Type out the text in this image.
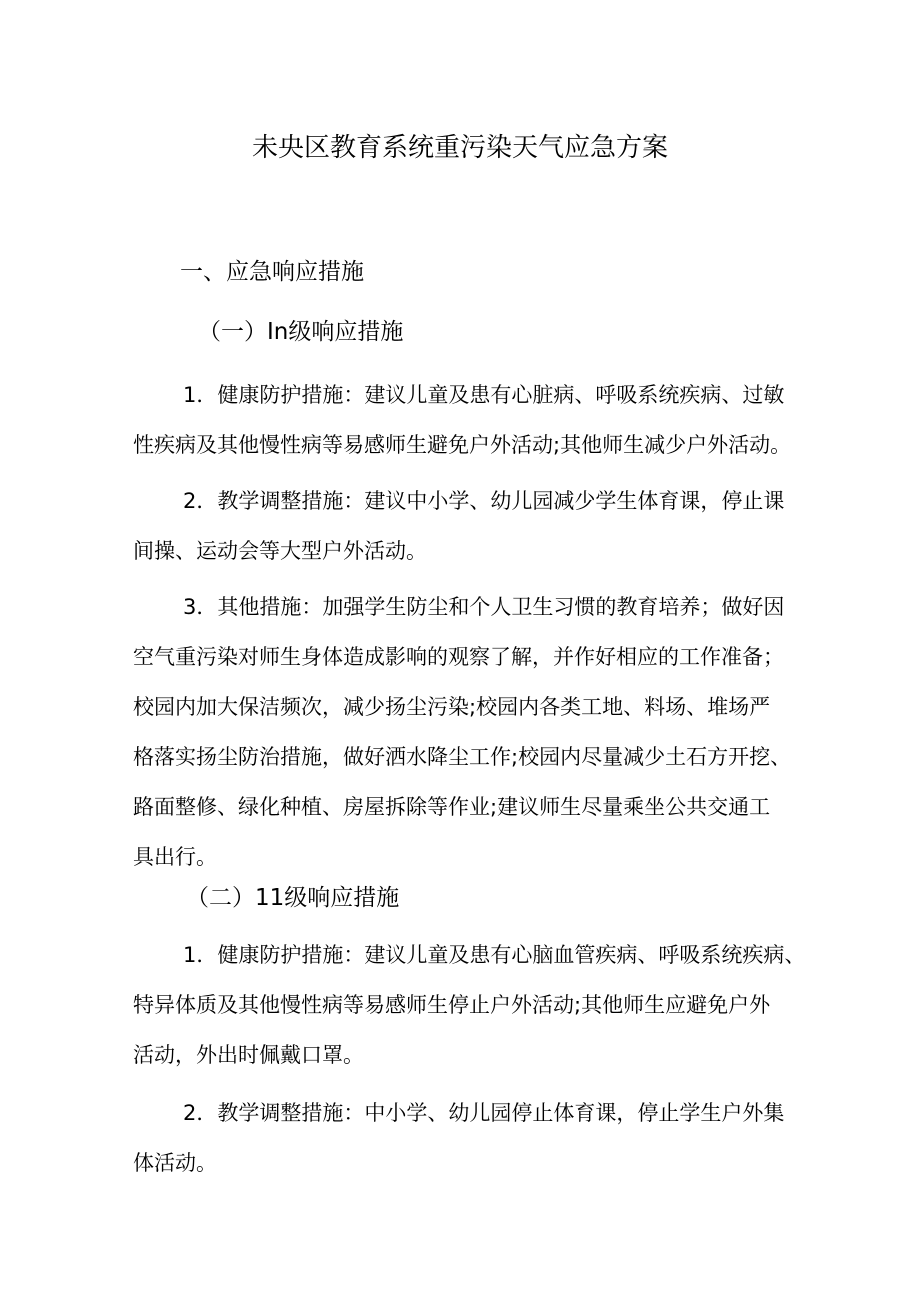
未央区教育系统重污染天气应急方案
一、应急响应措施
（一）In级响应措施
1．健康防护措施：建议儿童及患有心脏病、呼吸系统疾病、过敏
性疾病及其他慢性病等易感师生避免户外活动;其他师生减少户外活动。
2．教学调整措施：建议中小学、幼儿园减少学生体育课，停止课
间操、运动会等大型户外活动。
3．其他措施：加强学生防尘和个人卫生习惯的教育培养；做好因
空气重污染对师生身体造成影响的观察了解，并作好相应的工作准备；
校园内加大保洁频次，减少扬尘污染;校园内各类工地、料场、堆场严
格落实扬尘防治措施，做好洒水降尘工作;校园内尽量减少土石方开挖、
路面整修、绿化种植、房屋拆除等作业;建议师生尽量乘坐公共交通工
具出行。
（二）11级响应措施
1．健康防护措施：建议儿童及患有心脑血管疾病、呼吸系统疾病、
特异体质及其他慢性病等易感师生停止户外活动;其他师生应避免户外
活动，外出时佩戴口罩。
2．教学调整措施：中小学、幼儿园停止体育课，停止学生户外集
体活动。
